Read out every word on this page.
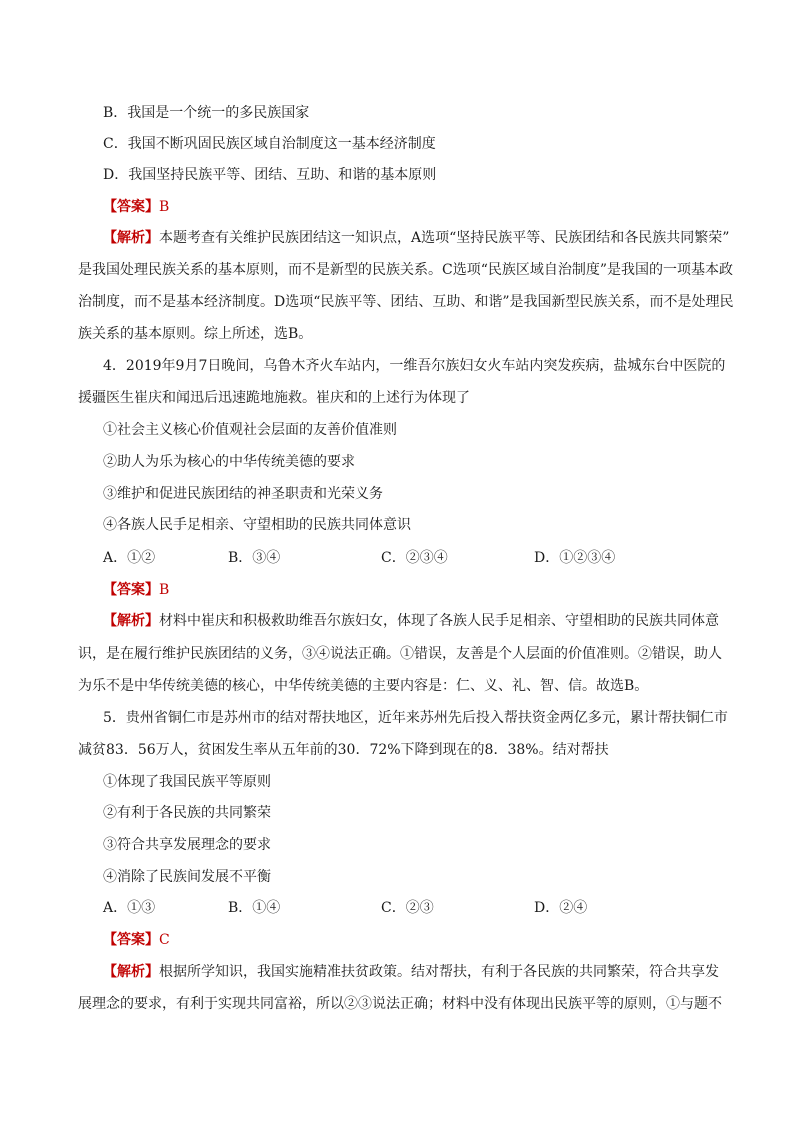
B．我国是一个统一的多民族国家
C．我国不断巩固民族区域自治制度这一基本经济制度
D．我国坚持民族平等、团结、互助、和谐的基本原则
【答案】B
【解析】本题考查有关维护民族团结这一知识点，A选项“坚持民族平等、民族团结和各民族共同繁荣”
是我国处理民族关系的基本原则，而不是新型的民族关系。C选项“民族区域自治制度”是我国的一项基本政
治制度，而不是基本经济制度。D选项“民族平等、团结、互助、和谐”是我国新型民族关系，而不是处理民
族关系的基本原则。综上所述，选B。
4．2019年9月7日晚间，乌鲁木齐火车站内，一维吾尔族妇女火车站内突发疾病，盐城东台中医院的
援疆医生崔庆和闻迅后迅速跪地施救。崔庆和的上述行为体现了
①社会主义核心价值观社会层面的友善价值准则
②助人为乐为核心的中华传统美德的要求
③维护和促进民族团结的神圣职责和光荣义务
④各族人民手足相亲、守望相助的民族共同体意识
A．①②	B．③④	C．②③④	D．①②③④
【答案】B
【解析】材料中崔庆和积极救助维吾尔族妇女，体现了各族人民手足相亲、守望相助的民族共同体意
识，是在履行维护民族团结的义务，③④说法正确。①错误，友善是个人层面的价值准则。②错误，助人
为乐不是中华传统美德的核心，中华传统美德的主要内容是：仁、义、礼、智、信。故选B。
5．贵州省铜仁市是苏州市的结对帮扶地区，近年来苏州先后投入帮扶资金两亿多元，累计帮扶铜仁市
减贫83．56万人，贫困发生率从五年前的30．72%下降到现在的8．38%。结对帮扶
①体现了我国民族平等原则
②有利于各民族的共同繁荣
③符合共享发展理念的要求
④消除了民族间发展不平衡
A．①③	B．①④	C．②③	D．②④
【答案】C
【解析】根据所学知识，我国实施精准扶贫政策。结对帮扶，有利于各民族的共同繁荣，符合共享发
展理念的要求，有利于实现共同富裕，所以②③说法正确；材料中没有体现出民族平等的原则，①与题不
